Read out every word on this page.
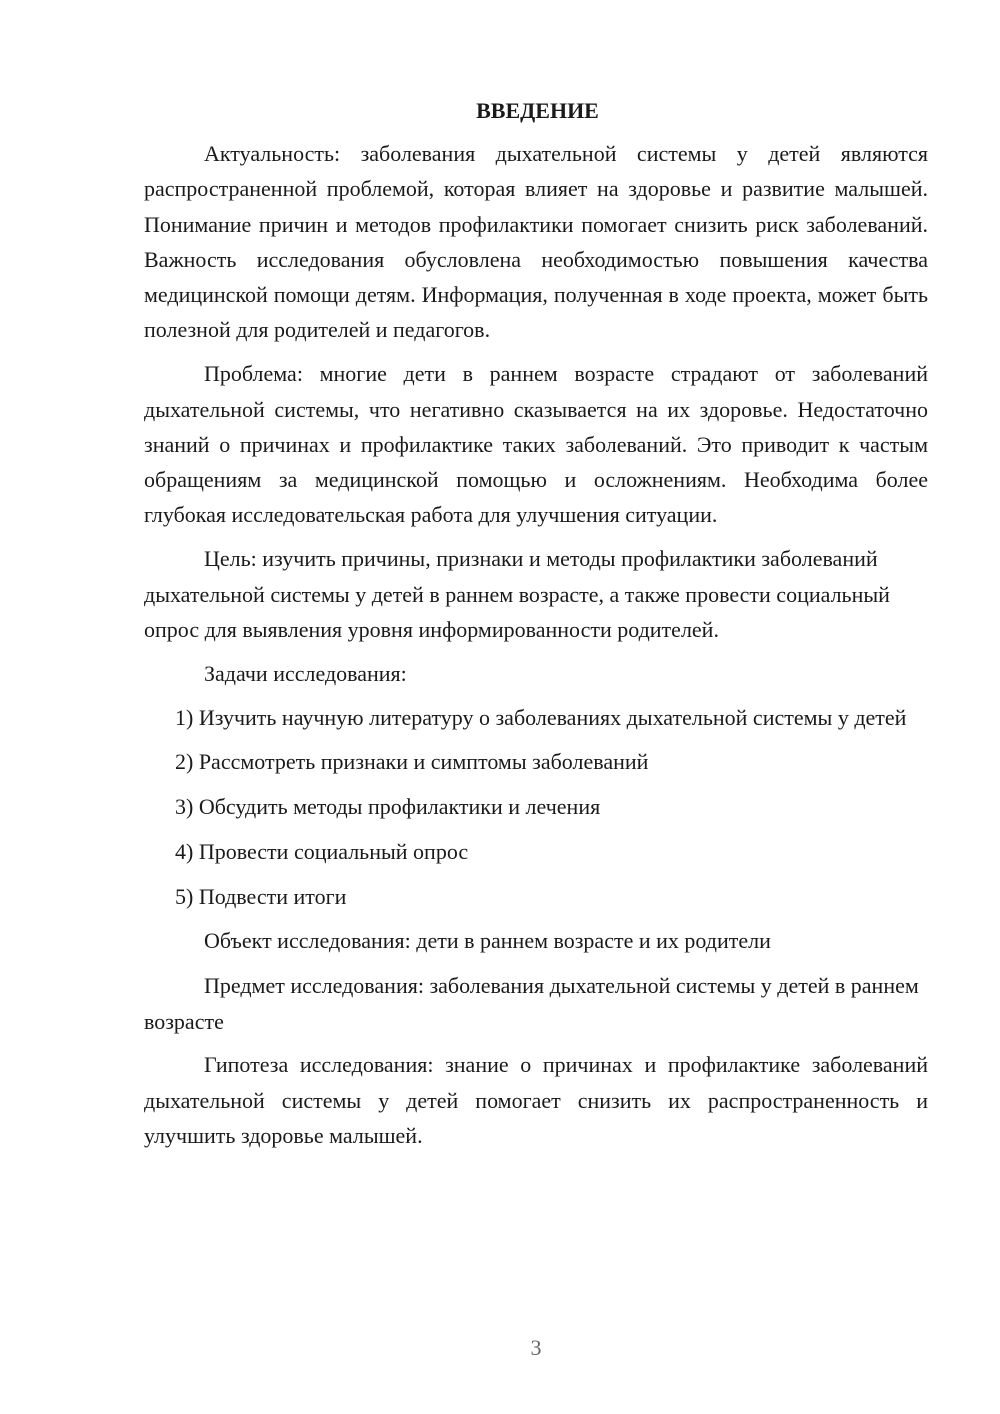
ВВЕДЕНИЕ

Актуальность: заболевания дыхательной системы у детей являются распространенной проблемой, которая влияет на здоровье и развитие малышей. Понимание причин и методов профилактики помогает снизить риск заболеваний. Важность исследования обусловлена необходимостью повышения качества медицинской помощи детям. Информация, полученная в ходе проекта, может быть полезной для родителей и педагогов.

Проблема: многие дети в раннем возрасте страдают от заболеваний дыхательной системы, что негативно сказывается на их здоровье. Недостаточно знаний о причинах и профилактике таких заболеваний. Это приводит к частым обращениям за медицинской помощью и осложнениям. Необходима более глубокая исследовательская работа для улучшения ситуации.

Цель: изучить причины, признаки и методы профилактики заболеваний дыхательной системы у детей в раннем возрасте, а также провести социальный опрос для выявления уровня информированности родителей.

Задачи исследования:

1) Изучить научную литературу о заболеваниях дыхательной системы у детей

2) Рассмотреть признаки и симптомы заболеваний

3) Обсудить методы профилактики и лечения

4) Провести социальный опрос

5) Подвести итоги

Объект исследования: дети в раннем возрасте и их родители

Предмет исследования: заболевания дыхательной системы у детей в раннем возрасте

Гипотеза исследования: знание о причинах и профилактике заболеваний дыхательной системы у детей помогает снизить их распространенность и улучшить здоровье малышей.

3
